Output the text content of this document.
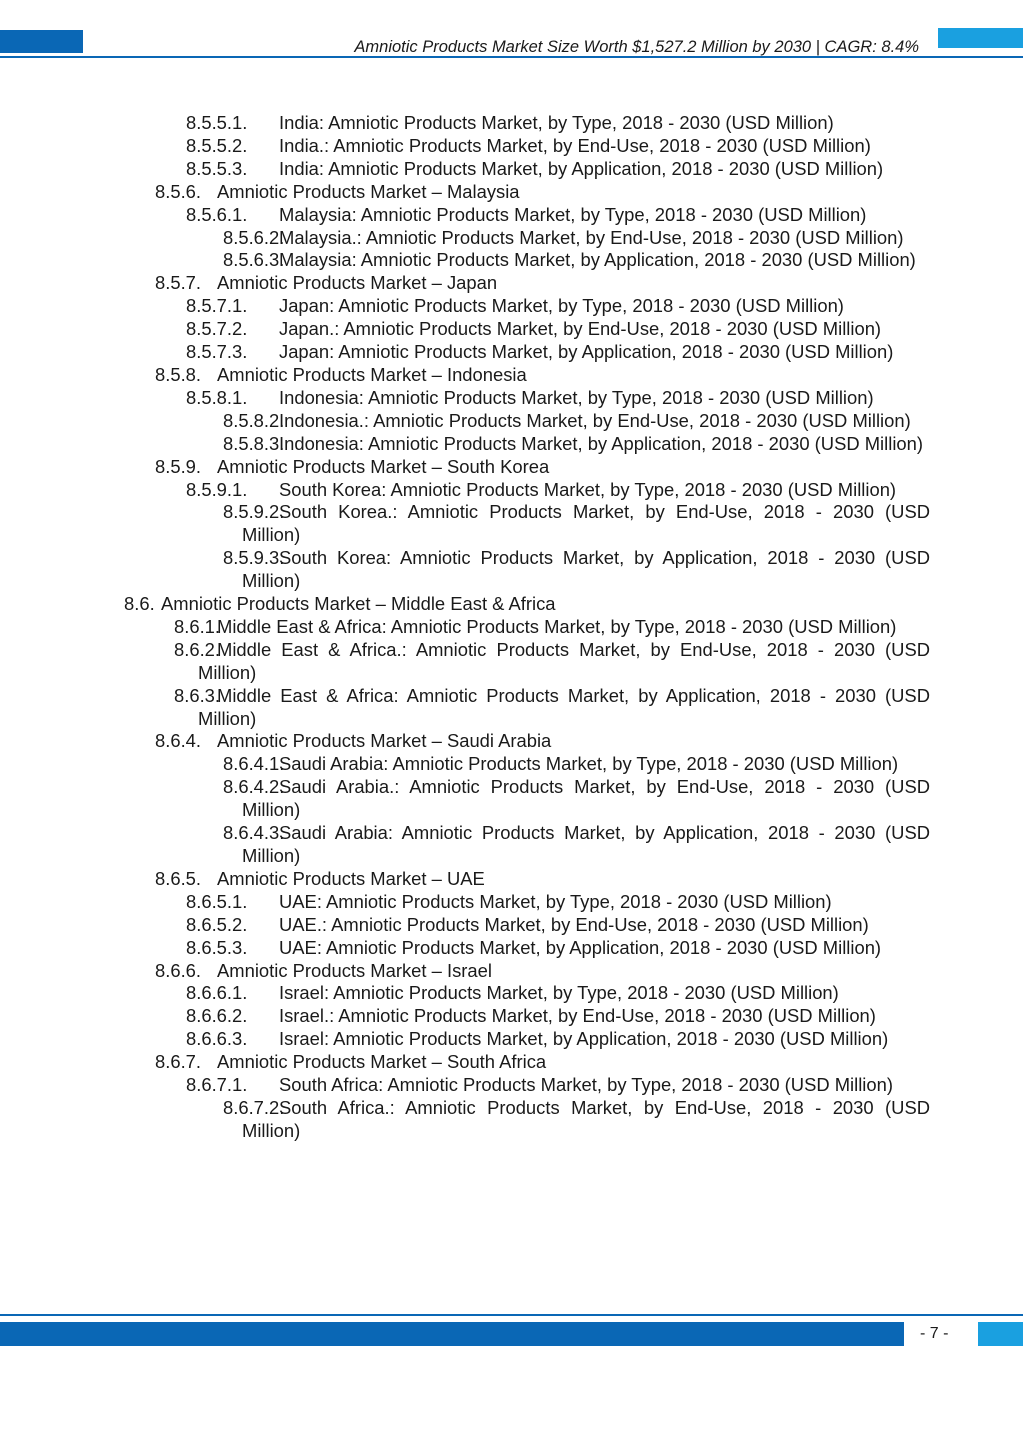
Amniotic Products Market Size Worth $1,527.2 Million by 2030 | CAGR: 8.4%
8.5.5.1. India: Amniotic Products Market, by Type, 2018 - 2030 (USD Million)
8.5.5.2. India.: Amniotic Products Market, by End-Use, 2018 - 2030 (USD Million)
8.5.5.3. India: Amniotic Products Market, by Application, 2018 - 2030 (USD Million)
8.5.6. Amniotic Products Market – Malaysia
8.5.6.1. Malaysia: Amniotic Products Market, by Type, 2018 - 2030 (USD Million)
8.5.6.2.
Malaysia.: Amniotic Products Market, by End-Use, 2018 - 2030 (USD Million)
8.5.6.3.
Malaysia: Amniotic Products Market, by Application, 2018 - 2030 (USD Million)
8.5.7. Amniotic Products Market – Japan
8.5.7.1. Japan: Amniotic Products Market, by Type, 2018 - 2030 (USD Million)
8.5.7.2. Japan.: Amniotic Products Market, by End-Use, 2018 - 2030 (USD Million)
8.5.7.3. Japan: Amniotic Products Market, by Application, 2018 - 2030 (USD Million)
8.5.8. Amniotic Products Market – Indonesia
8.5.8.1. Indonesia: Amniotic Products Market, by Type, 2018 - 2030 (USD Million)
8.5.8.2.
Indonesia.: Amniotic Products Market, by End-Use, 2018 - 2030 (USD Million)
8.5.8.3.
Indonesia: Amniotic Products Market, by Application, 2018 - 2030 (USD Million)
8.5.9. Amniotic Products Market – South Korea
8.5.9.1. South Korea: Amniotic Products Market, by Type, 2018 - 2030 (USD Million)
8.5.9.2.
South Korea.: Amniotic Products Market, by End-Use, 2018 - 2030 (USD Million)
8.5.9.3.
South Korea: Amniotic Products Market, by Application, 2018 - 2030 (USD Million)
8.6. Amniotic Products Market – Middle East & Africa
8.6.1.
Middle East & Africa: Amniotic Products Market, by Type, 2018 - 2030 (USD Million)
8.6.2.
Middle East & Africa.: Amniotic Products Market, by End-Use, 2018 - 2030 (USD Million)
8.6.3.
Middle East & Africa: Amniotic Products Market, by Application, 2018 - 2030 (USD Million)
8.6.4. Amniotic Products Market – Saudi Arabia
8.6.4.1.
Saudi Arabia: Amniotic Products Market, by Type, 2018 - 2030 (USD Million)
8.6.4.2.
Saudi Arabia.: Amniotic Products Market, by End-Use, 2018 - 2030 (USD Million)
8.6.4.3.
Saudi Arabia: Amniotic Products Market, by Application, 2018 - 2030 (USD Million)
8.6.5. Amniotic Products Market – UAE
8.6.5.1. UAE: Amniotic Products Market, by Type, 2018 - 2030 (USD Million)
8.6.5.2. UAE.: Amniotic Products Market, by End-Use, 2018 - 2030 (USD Million)
8.6.5.3. UAE: Amniotic Products Market, by Application, 2018 - 2030 (USD Million)
8.6.6. Amniotic Products Market – Israel
8.6.6.1. Israel: Amniotic Products Market, by Type, 2018 - 2030 (USD Million)
8.6.6.2. Israel.: Amniotic Products Market, by End-Use, 2018 - 2030 (USD Million)
8.6.6.3. Israel: Amniotic Products Market, by Application, 2018 - 2030 (USD Million)
8.6.7. Amniotic Products Market – South Africa
8.6.7.1. South Africa: Amniotic Products Market, by Type, 2018 - 2030 (USD Million)
8.6.7.2.
South Africa.: Amniotic Products Market, by End-Use, 2018 - 2030 (USD Million)
- 7 -
